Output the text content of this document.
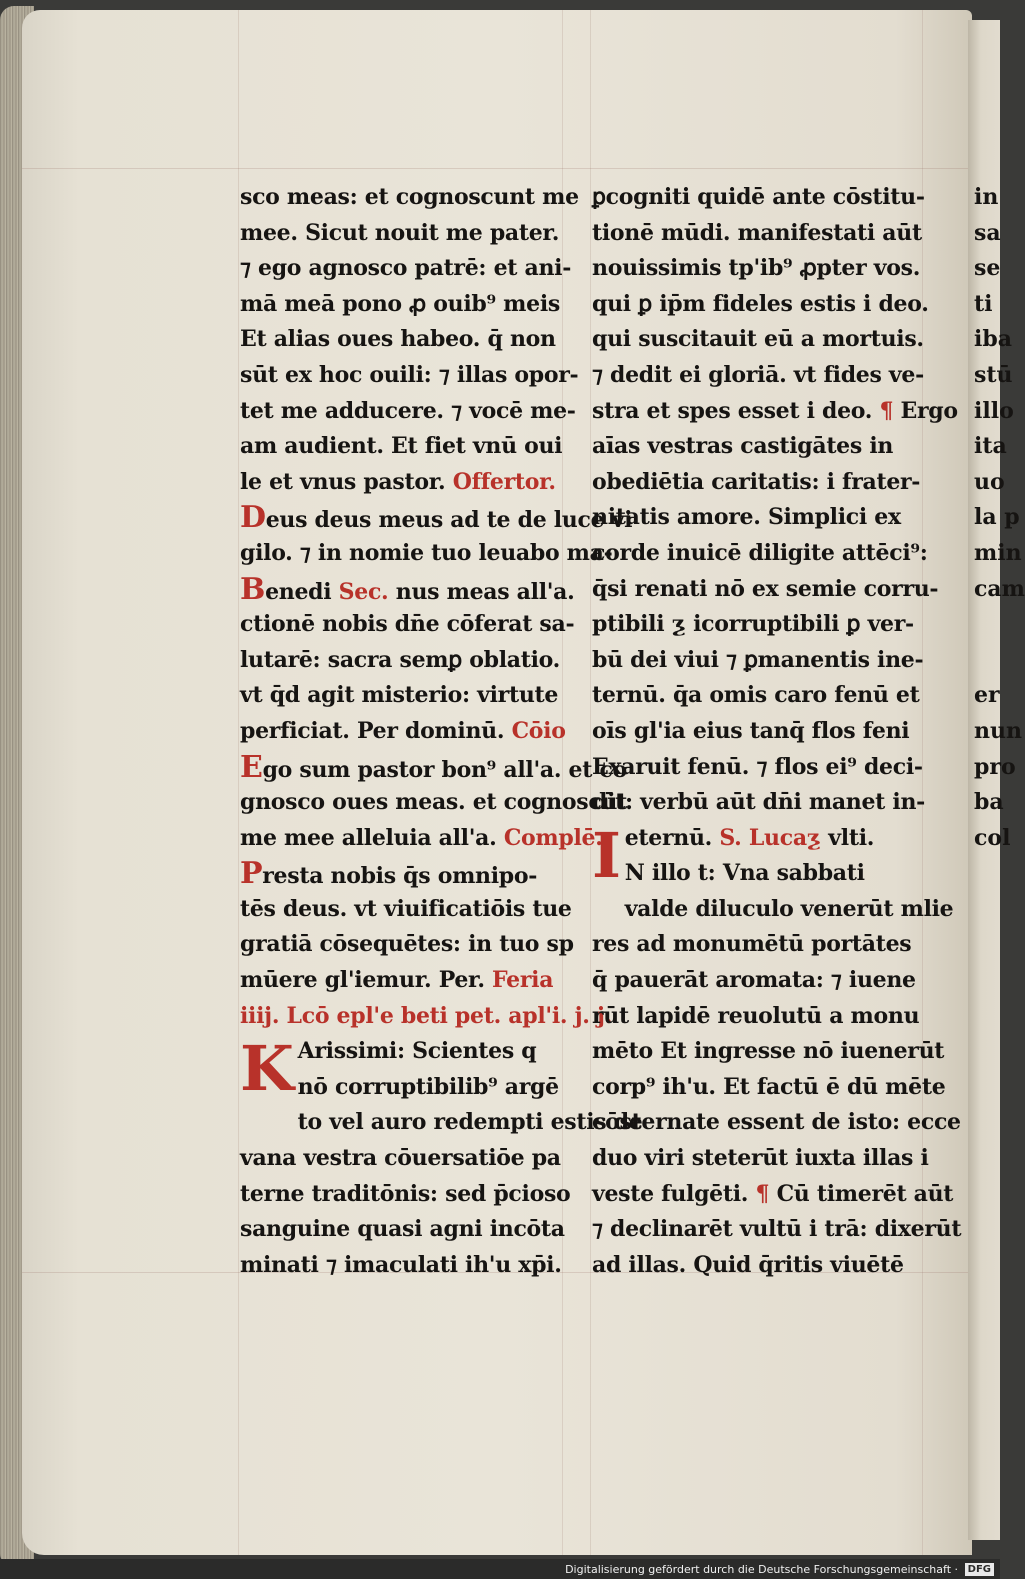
sco meas: et cognoscunt me
mee. Sicut nouit me pater.
⁊ ego agnosco patrē: et ani-
mā meā pono ꝓ ouib⁹ meis
Et alias oues habeo. q̄ non
sūt ex hoc ouili: ⁊ illas opor-
tet me adducere. ⁊ vocē me-
am audient. Et fiet vnū oui
le et vnus pastor. Offertor.
Deus deus meus ad te de luce vi
gilo. ⁊ in nomie tuo leuabo ma-
Benedi Sec. nus meas all'a.
ctionē nobis dn̄e cōferat sa-
lutarē: sacra semꝑ oblatio.
vt q̄d agit misterio: virtute
perficiat. Per dominū. Cōio
Ego sum pastor bon⁹ all'a. et co
gnosco oues meas. et cognoscūt
me mee alleluia all'a. Complē.
Presta nobis q̄s omnipo-
tēs deus. vt viuificatiōis tue
gratiā cōsequētes: in tuo sp
mūere gl'iemur. Per. Feria
iiij. Lcō epl'e beti pet. apl'i. j. j.
K Arissimi: Scientes q
nō corruptibilib⁹ argē
to vel auro redempti estis de
vana vestra cōuersatiōe pa
terne traditōnis: sed p̄cioso
sanguine quasi agni incōta
minati ⁊ imaculati ih'u xp̄i.
ꝑcogniti quidē ante cōstitu-
tionē mūdi. manifestati aūt
nouissimis tp'ib⁹ ꝓpter vos.
qui ꝑ ip̄m fideles estis i deo.
qui suscitauit eū a mortuis.
⁊ dedit ei gloriā. vt fides ve-
stra et spes esset i deo. ¶ Ergo
aīas vestras castigātes in
obediētia caritatis: i frater-
nitatis amore. Simplici ex
corde inuicē diligite attēci⁹:
q̄si renati nō ex semie corru-
ptibili ƺ icorruptibili ꝑ ver-
bū dei viui ⁊ ꝑmanentis ine-
ternū. q̄a omis caro fenū et
oīs gl'ia eius tanq̄ flos feni
Exaruit fenū. ⁊ flos ei⁹ deci-
dit: verbū aūt dn̄i manet in-
Ieternū. S. Lucaƺ vlti.
N illo t: Vna sabbati
valde diluculo venerūt mlie
res ad monumētū portātes
q̄ pauerāt aromata: ⁊ iuene
rūt lapidē reuolutū a monu
mēto Et ingresse nō iuenerūt
corp⁹ ih'u. Et factū ē dū mēte
cōsternate essent de isto: ecce
duo viri steterūt iuxta illas i
veste fulgēti. ¶ Cū timerēt aūt
⁊ declinarēt vultū i trā: dixerūt
ad illas. Quid q̄ritis viuētē
in
sa
se
ti
iba
stū
illo
ita
uo
la p
min
cam
er
nun
pro
ba
col
Digitalisierung gefördert durch die Deutsche Forschungsgemeinschaft · DFG
